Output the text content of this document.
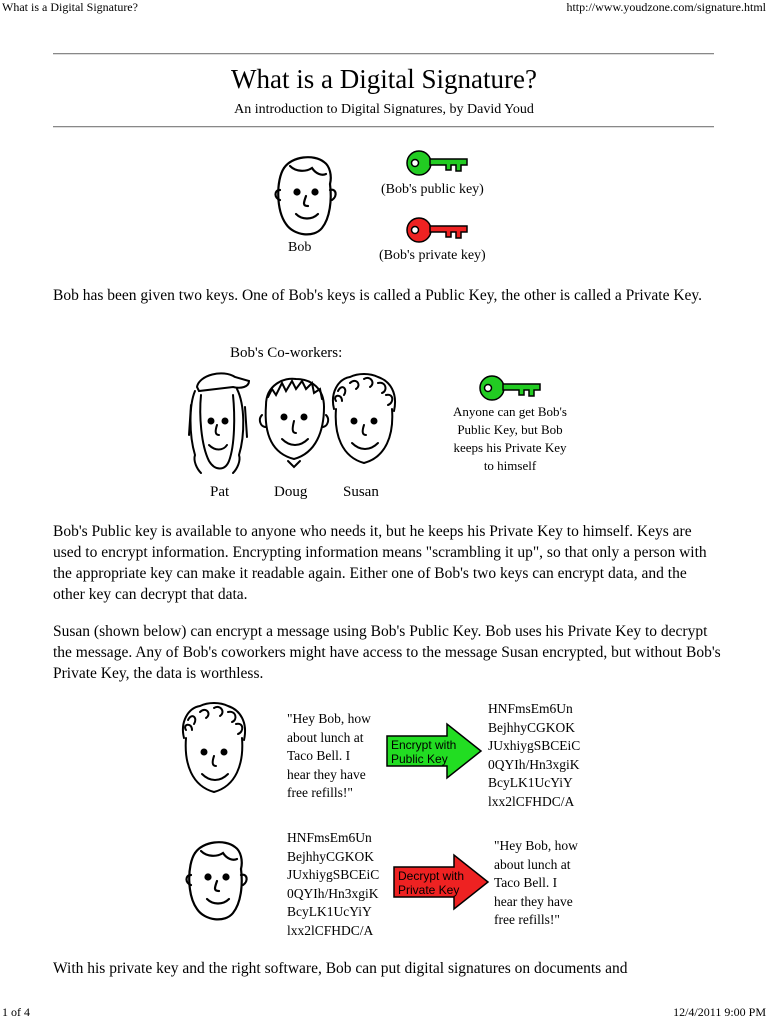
What is a Digital Signature?	http://www.youdzone.com/signature.html
What is a Digital Signature?
An introduction to Digital Signatures, by David Youd
Bob
(Bob's public key)
(Bob's private key)

Bob has been given two keys. One of Bob's keys is called a Public Key, the other is called a Private Key.

Bob's Co-workers:
Pat	Doug Susan
Anyone can get Bob's
Public Key, but Bob
keeps his Private Key
to himself

Bob's Public key is available to anyone who needs it, but he keeps his Private Key to himself. Keys are used to encrypt information. Encrypting information means "scrambling it up", so that only a person with the appropriate key can make it readable again. Either one of Bob's two keys can encrypt data, and the other key can decrypt that data.

Susan (shown below) can encrypt a message using Bob's Public Key. Bob uses his Private Key to decrypt the message. Any of Bob's coworkers might have access to the message Susan encrypted, but without Bob's Private Key, the data is worthless.

"Hey Bob, how
about lunch at
Taco Bell. I
hear they have
free refills!"
Encrypt with
Public Key
HNFmsEm6Un
BejhhyCGKOK
JUxhiygSBCEiC
0QYIh/Hn3xgiK
BcyLK1UcYiY
lxx2lCFHDC/A
HNFmsEm6Un
BejhhyCGKOK
JUxhiygSBCEiC
0QYIh/Hn3xgiK
BcyLK1UcYiY
lxx2lCFHDC/A
Decrypt with
Private Key
"Hey Bob, how
about lunch at
Taco Bell. I
hear they have
free refills!"

With his private key and the right software, Bob can put digital signatures on documents and

1 of 4	12/4/2011 9:00 PM
